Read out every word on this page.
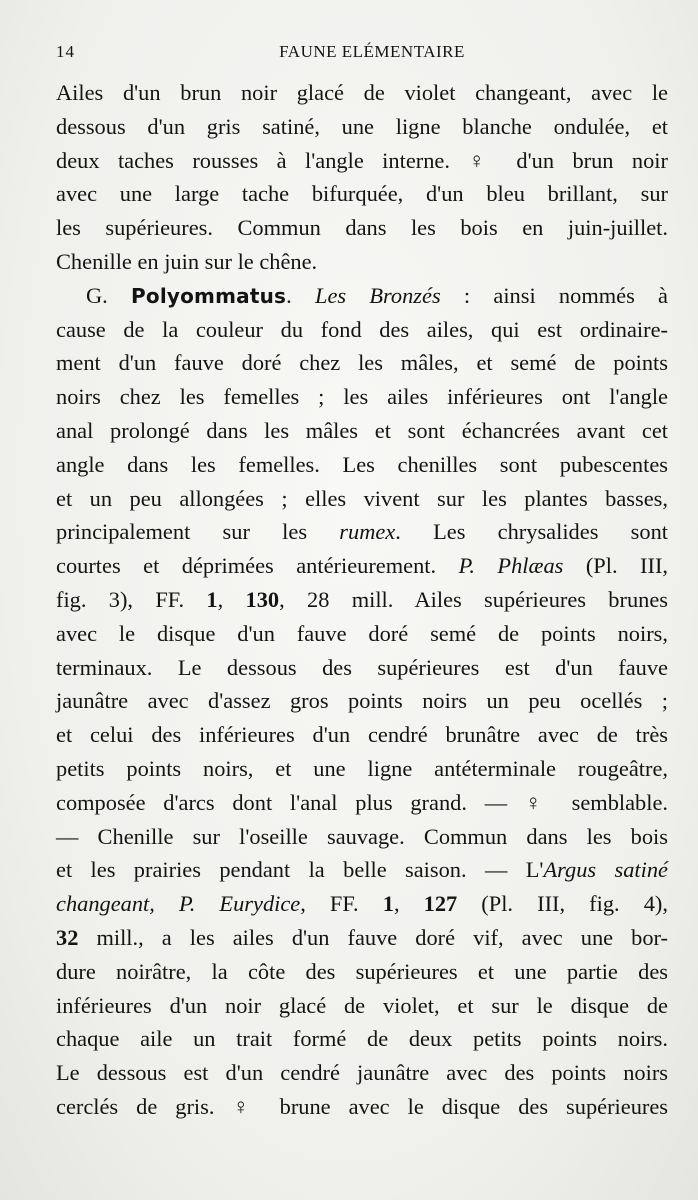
14	FAUNE ELÉMENTAIRE
Ailes d'un brun noir glacé de violet changeant, avec le
dessous d'un gris satiné, une ligne blanche ondulée, et
deux taches rousses à l'angle interne. ♀ d'un brun noir
avec une large tache bifurquée, d'un bleu brillant, sur
les supérieures. Commun dans les bois en juin-juillet.
Chenille en juin sur le chêne.
G. Polyommatus. Les Bronzés : ainsi nommés à
cause de la couleur du fond des ailes, qui est ordinaire-
ment d'un fauve doré chez les mâles, et semé de points
noirs chez les femelles ; les ailes inférieures ont l'angle
anal prolongé dans les mâles et sont échancrées avant cet
angle dans les femelles. Les chenilles sont pubescentes
et un peu allongées ; elles vivent sur les plantes basses,
principalement sur les rumex. Les chrysalides sont
courtes et déprimées antérieurement. P. Phlæas (Pl. III,
fig. 3), FF. 1, 130, 28 mill. Ailes supérieures brunes
avec le disque d'un fauve doré semé de points noirs,
terminaux. Le dessous des supérieures est d'un fauve
jaunâtre avec d'assez gros points noirs un peu ocellés ;
et celui des inférieures d'un cendré brunâtre avec de très
petits points noirs, et une ligne antéterminale rougeâtre,
composée d'arcs dont l'anal plus grand. — ♀ semblable.
— Chenille sur l'oseille sauvage. Commun dans les bois
et les prairies pendant la belle saison. — L'Argus satiné
changeant, P. Eurydice, FF. 1, 127 (Pl. III, fig. 4),
32 mill., a les ailes d'un fauve doré vif, avec une bor-
dure noirâtre, la côte des supérieures et une partie des
inférieures d'un noir glacé de violet, et sur le disque de
chaque aile un trait formé de deux petits points noirs.
Le dessous est d'un cendré jaunâtre avec des points noirs
cerclés de gris. ♀ brune avec le disque des supérieures
